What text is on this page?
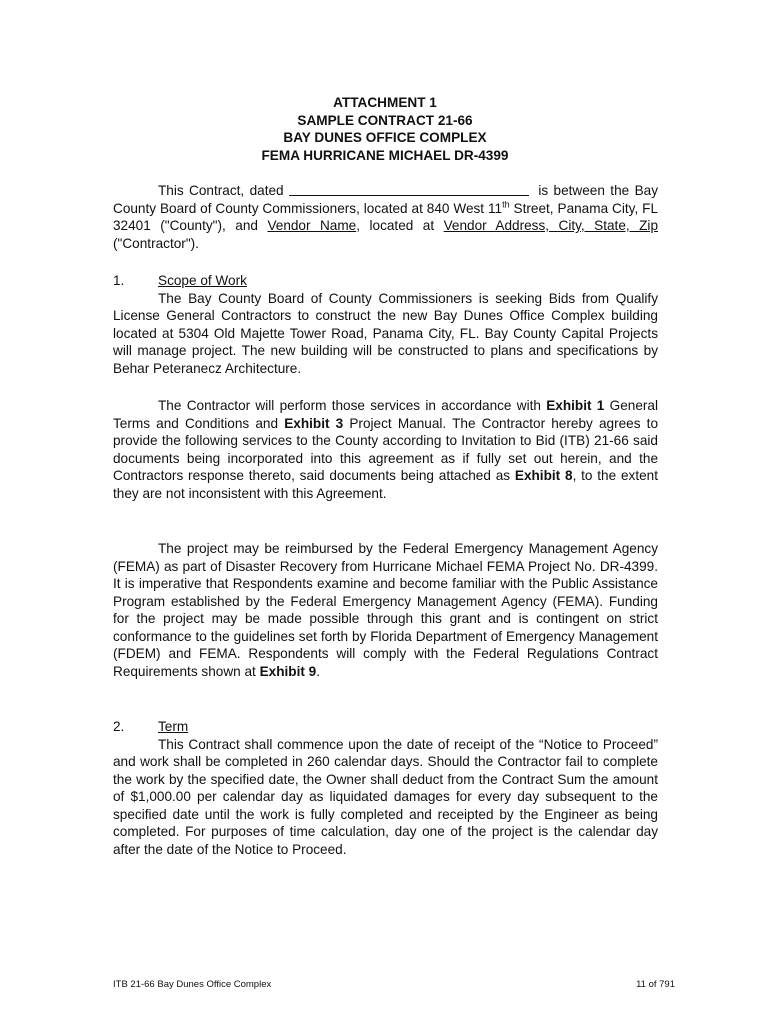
ATTACHMENT 1
SAMPLE CONTRACT 21-66
BAY DUNES OFFICE COMPLEX
FEMA HURRICANE MICHAEL DR-4399

This Contract, dated	is between the Bay County Board of County Commissioners, located at 840 West 11th Street, Panama City, FL 32401 ("County"), and Vendor Name, located at Vendor Address, City, State, Zip ("Contractor").

1.	Scope of Work

The Bay County Board of County Commissioners is seeking Bids from Qualify License General Contractors to construct the new Bay Dunes Office Complex building located at 5304 Old Majette Tower Road, Panama City, FL. Bay County Capital Projects will manage project. The new building will be constructed to plans and specifications by Behar Peteranecz Architecture.

The Contractor will perform those services in accordance with Exhibit 1 General Terms and Conditions and Exhibit 3 Project Manual. The Contractor hereby agrees to provide the following services to the County according to Invitation to Bid (ITB) 21-66 said documents being incorporated into this agreement as if fully set out herein, and the Contractors response thereto, said documents being attached as Exhibit 8, to the extent they are not inconsistent with this Agreement.

The project may be reimbursed by the Federal Emergency Management Agency (FEMA) as part of Disaster Recovery from Hurricane Michael FEMA Project No. DR-4399. It is imperative that Respondents examine and become familiar with the Public Assistance Program established by the Federal Emergency Management Agency (FEMA). Funding for the project may be made possible through this grant and is contingent on strict conformance to the guidelines set forth by Florida Department of Emergency Management (FDEM) and FEMA. Respondents will comply with the Federal Regulations Contract Requirements shown at Exhibit 9.

2.	Term

This Contract shall commence upon the date of receipt of the “Notice to Proceed” and work shall be completed in 260 calendar days. Should the Contractor fail to complete the work by the specified date, the Owner shall deduct from the Contract Sum the amount of $1,000.00 per calendar day as liquidated damages for every day subsequent to the specified date until the work is fully completed and receipted by the Engineer as being completed. For purposes of time calculation, day one of the project is the calendar day after the date of the Notice to Proceed.

ITB 21-66 Bay Dunes Office Complex	11 of 791
